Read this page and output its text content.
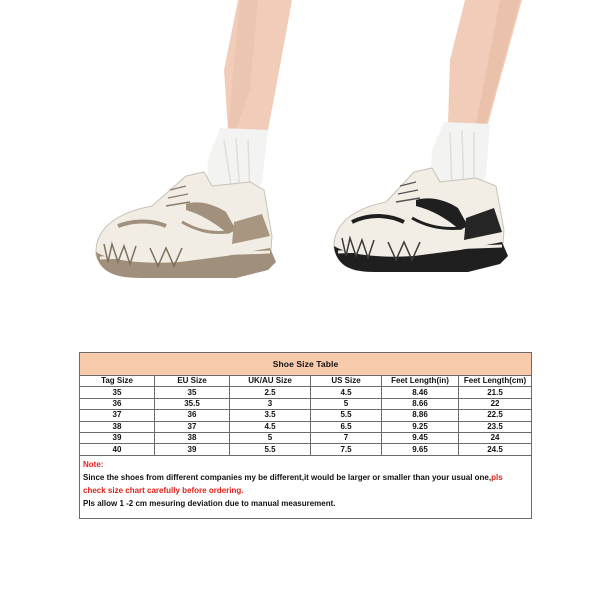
Shoe Size Table					
Tag Size	EU Size	UK/AU Size	US Size	Feet Length(in)	Feet Length(cm)
35	35	2.5	4.5	8.46	21.5
36	35.5	3	5	8.66	22
37	36	3.5	5.5	8.86	22.5
38	37	4.5	6.5	9.25	23.5
39	38	5	7	9.45	24
40	39	5.5	7.5	9.65	24.5

Note:
Since the shoes from different companies my be different,it would be larger or smaller than your usual one,pls
check size chart carefully before ordering.
Pls allow 1 -2 cm mesuring deviation due to manual measurement.					
